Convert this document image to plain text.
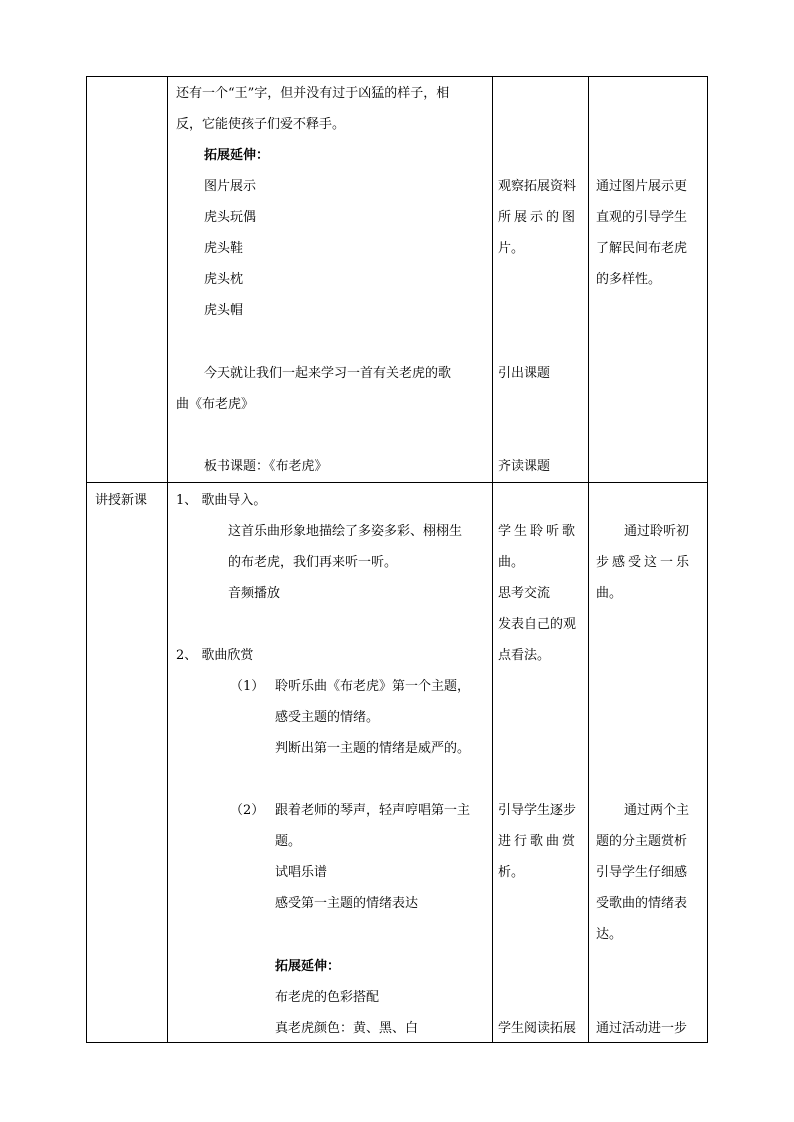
还有一个“王”字，但并没有过于凶猛的样子，相
反，它能使孩子们爱不释手。
拓展延伸：
图片展示
虎头玩偶
虎头鞋
虎头枕
虎头帽
今天就让我们一起来学习一首有关老虎的歌
曲《布老虎》
板书课题：《布老虎》
观察拓展资料
所展示的图
片。
引出课题
齐读课题
通过图片展示更
直观的引导学生
了解民间布老虎
的多样性。
讲授新课 1、 歌曲导入。
这首乐曲形象地描绘了多姿多彩、栩栩生
的布老虎，我们再来听一听。
音频播放
2、 歌曲欣赏
（1） 聆听乐曲《布老虎》第一个主题，
感受主题的情绪。
判断出第一主题的情绪是威严的。
（2） 跟着老师的琴声，轻声哼唱第一主
题。
试唱乐谱
感受第一主题的情绪表达
拓展延伸：
布老虎的色彩搭配
真老虎颜色：黄、黑、白
学生聆听歌
曲。
思考交流
发表自己的观
点看法。
引导学生逐步
进行歌曲赏
析。
学生阅读拓展
通过聆听初
步感受这一乐
曲。
通过两个主
题的分主题赏析
引导学生仔细感
受歌曲的情绪表
达。
通过活动进一步
